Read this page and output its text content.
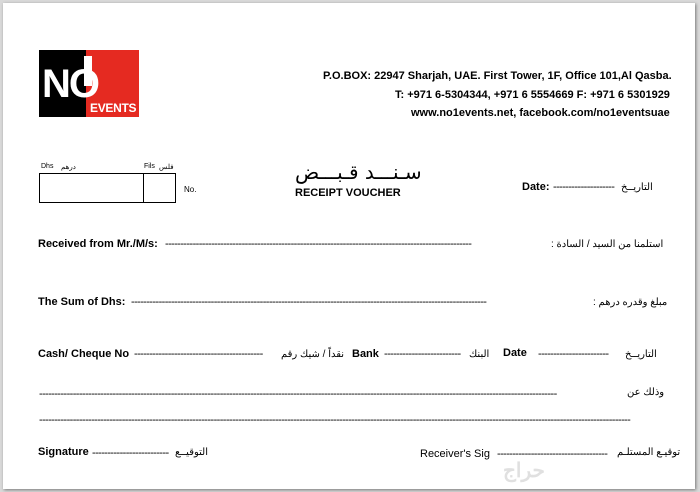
NO
EVENTS
P.O.BOX: 22947 Sharjah, UAE. First Tower, 1F, Office 101,Al Qasba.
T: +971 6-5304344, +971 6 5554669 F: +971 6 5301929
www.no1events.net, facebook.com/no1eventsuae
Dhs درهم	Fils فلس
No.
سـنـــد قـبـــض
RECEIPT VOUCHER	Date: -------------------- التاريــخ
Received from Mr./M/s: ----------------------------------------------------------------------------------------------------	استلمنا من السيد / السادة :
The Sum of Dhs: --------------------------------------------------------------------------------------------------------------------	مبلغ وقدره درهم :
Cash/ Cheque No ------------------------------------------	نقداً / شيك رقم Bank ------------------------- البنك Date -----------------------	التاريــخ
-------------------------------------------------------------------------------------------------------------------------------------------------------------------------	وذلك عن
-------------------------------------------------------------------------------------------------------------------------------------------------------------------------------------------------
Signature ------------------------- التوقيــع	Receiver's Sig ------------------------------------ توقيـع المستلـم
حراج
